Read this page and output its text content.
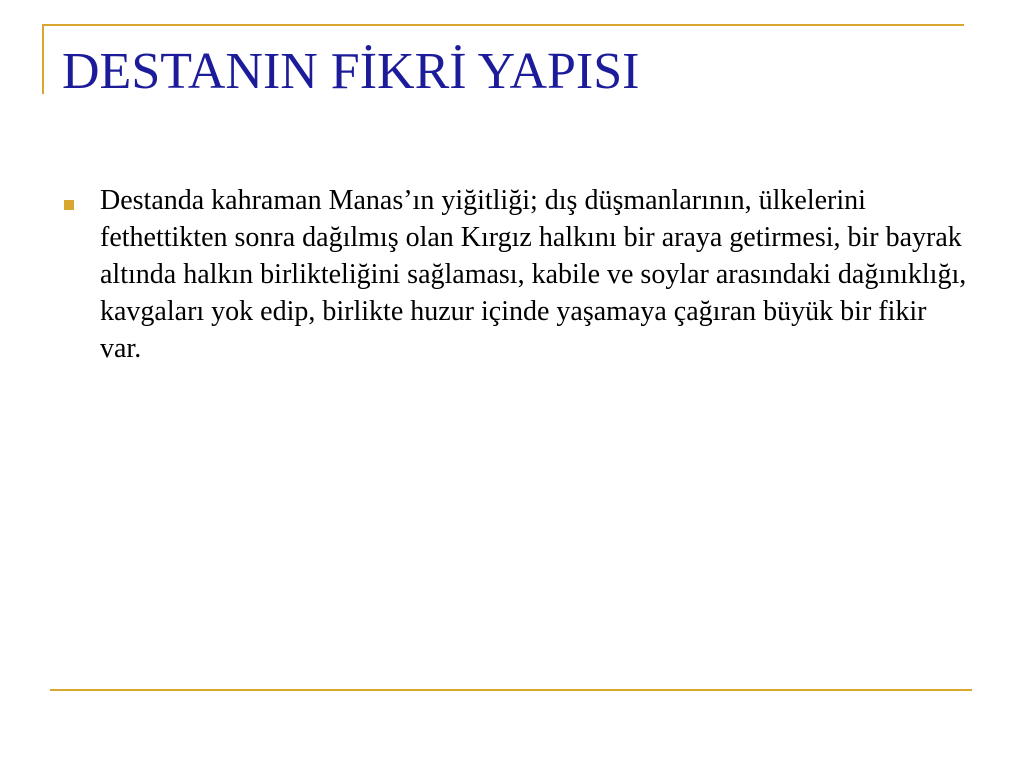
DESTANIN FİKRİ YAPISI

Destanda kahraman Manas’ın yiğitliği; dış düşmanlarının, ülkelerini fethettikten sonra dağılmış olan Kırgız halkını bir araya getirmesi, bir bayrak altında halkın birlikteliğini sağlaması, kabile ve soylar arasındaki dağınıklığı, kavgaları yok edip, birlikte huzur içinde yaşamaya çağıran büyük bir fikir var.
